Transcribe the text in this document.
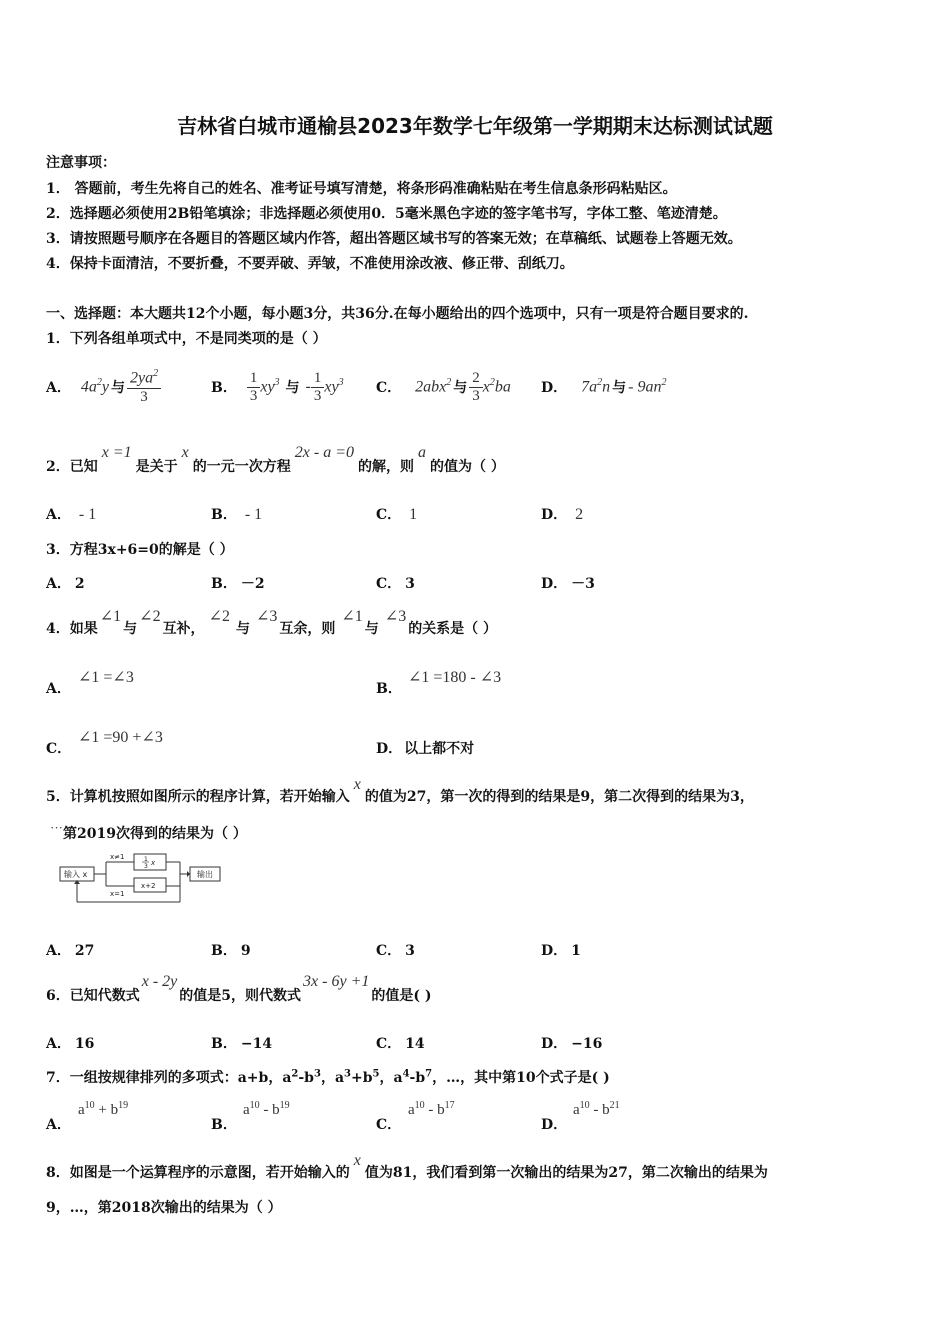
吉林省白城市通榆县2023年数学七年级第一学期期末达标测试试题
注意事项：
1． 答题前，考生先将自己的姓名、准考证号填写清楚，将条形码准确粘贴在考生信息条形码粘贴区。
2．选择题必须使用2B铅笔填涂；非选择题必须使用0．5毫米黑色字迹的签字笔书写，字体工整、笔迹清楚。
3．请按照题号顺序在各题目的答题区域内作答，超出答题区域书写的答案无效；在草稿纸、试题卷上答题无效。
4．保持卡面清洁，不要折叠，不要弄破、弄皱，不准使用涂改液、修正带、刮纸刀。
一、选择题：本大题共12个小题，每小题3分，共36分.在每小题给出的四个选项中，只有一项是符合题目要求的.
1．下列各组单项式中，不是同类项的是（ ）
A． $4a^2y$ 与 $\frac{2ya^2}{3}$	B． $\frac{1}{3} xy^3$ 与 - $\frac{1}{3} xy^3$ C． 2abx$^2$ 与 $\frac{2}{3} x^2ba$ D． $7a^2n$ 与 - $9an^2$
2．已知
x =1
是关于
x
的一元一次方程
2x - a =0
的解，则
a
的值为（ ）
A． - 1	B． - 1	C． 1	D． 2
3．方程3x+6=0的解是（ ）
A． 2	B． －2	C． 3	D． －3
4．如果
∠1
与
∠2
互补，
∠2
与
∠3
互余，则
∠1
与
∠3
的关系是（ ）
A．
∠1 =∠3
B．
∠1 =180 - ∠3
C．
∠1 =90 +∠3
D． 以上都不对
5．计算机按照如图所示的程序计算，若开始输入
x
的值为27，第一次的得到的结果是9，第二次得到的结果为3，
···第2019次得到的结果为（ ）
输入 x
x≠1
x=1
1
3 x
x+2
输出
A． 27	B． 9	C． 3	D． 1
6．已知代数式
x - 2y
的值是5，则代数式
3x - 6y +1
的值是( )
A． 16	B． −14	C． 14	D． −16
7．一组按规律排列的多项式：a+b，$a^2-b^3$，$a^3+b^5$，$a^4-b^7$，…，其中第10个式子是( )
A．
$a^{10} + b^{19}$
B．
$a^{10} - b^{19}$
C．
$a^{10} - b^{17}$
D．
$a^{10} - b^{21}$
8．如图是一个运算程序的示意图，若开始输入的
x
值为81，我们看到第一次输出的结果为27，第二次输出的结果为
9，…，第2018次输出的结果为（ ）
